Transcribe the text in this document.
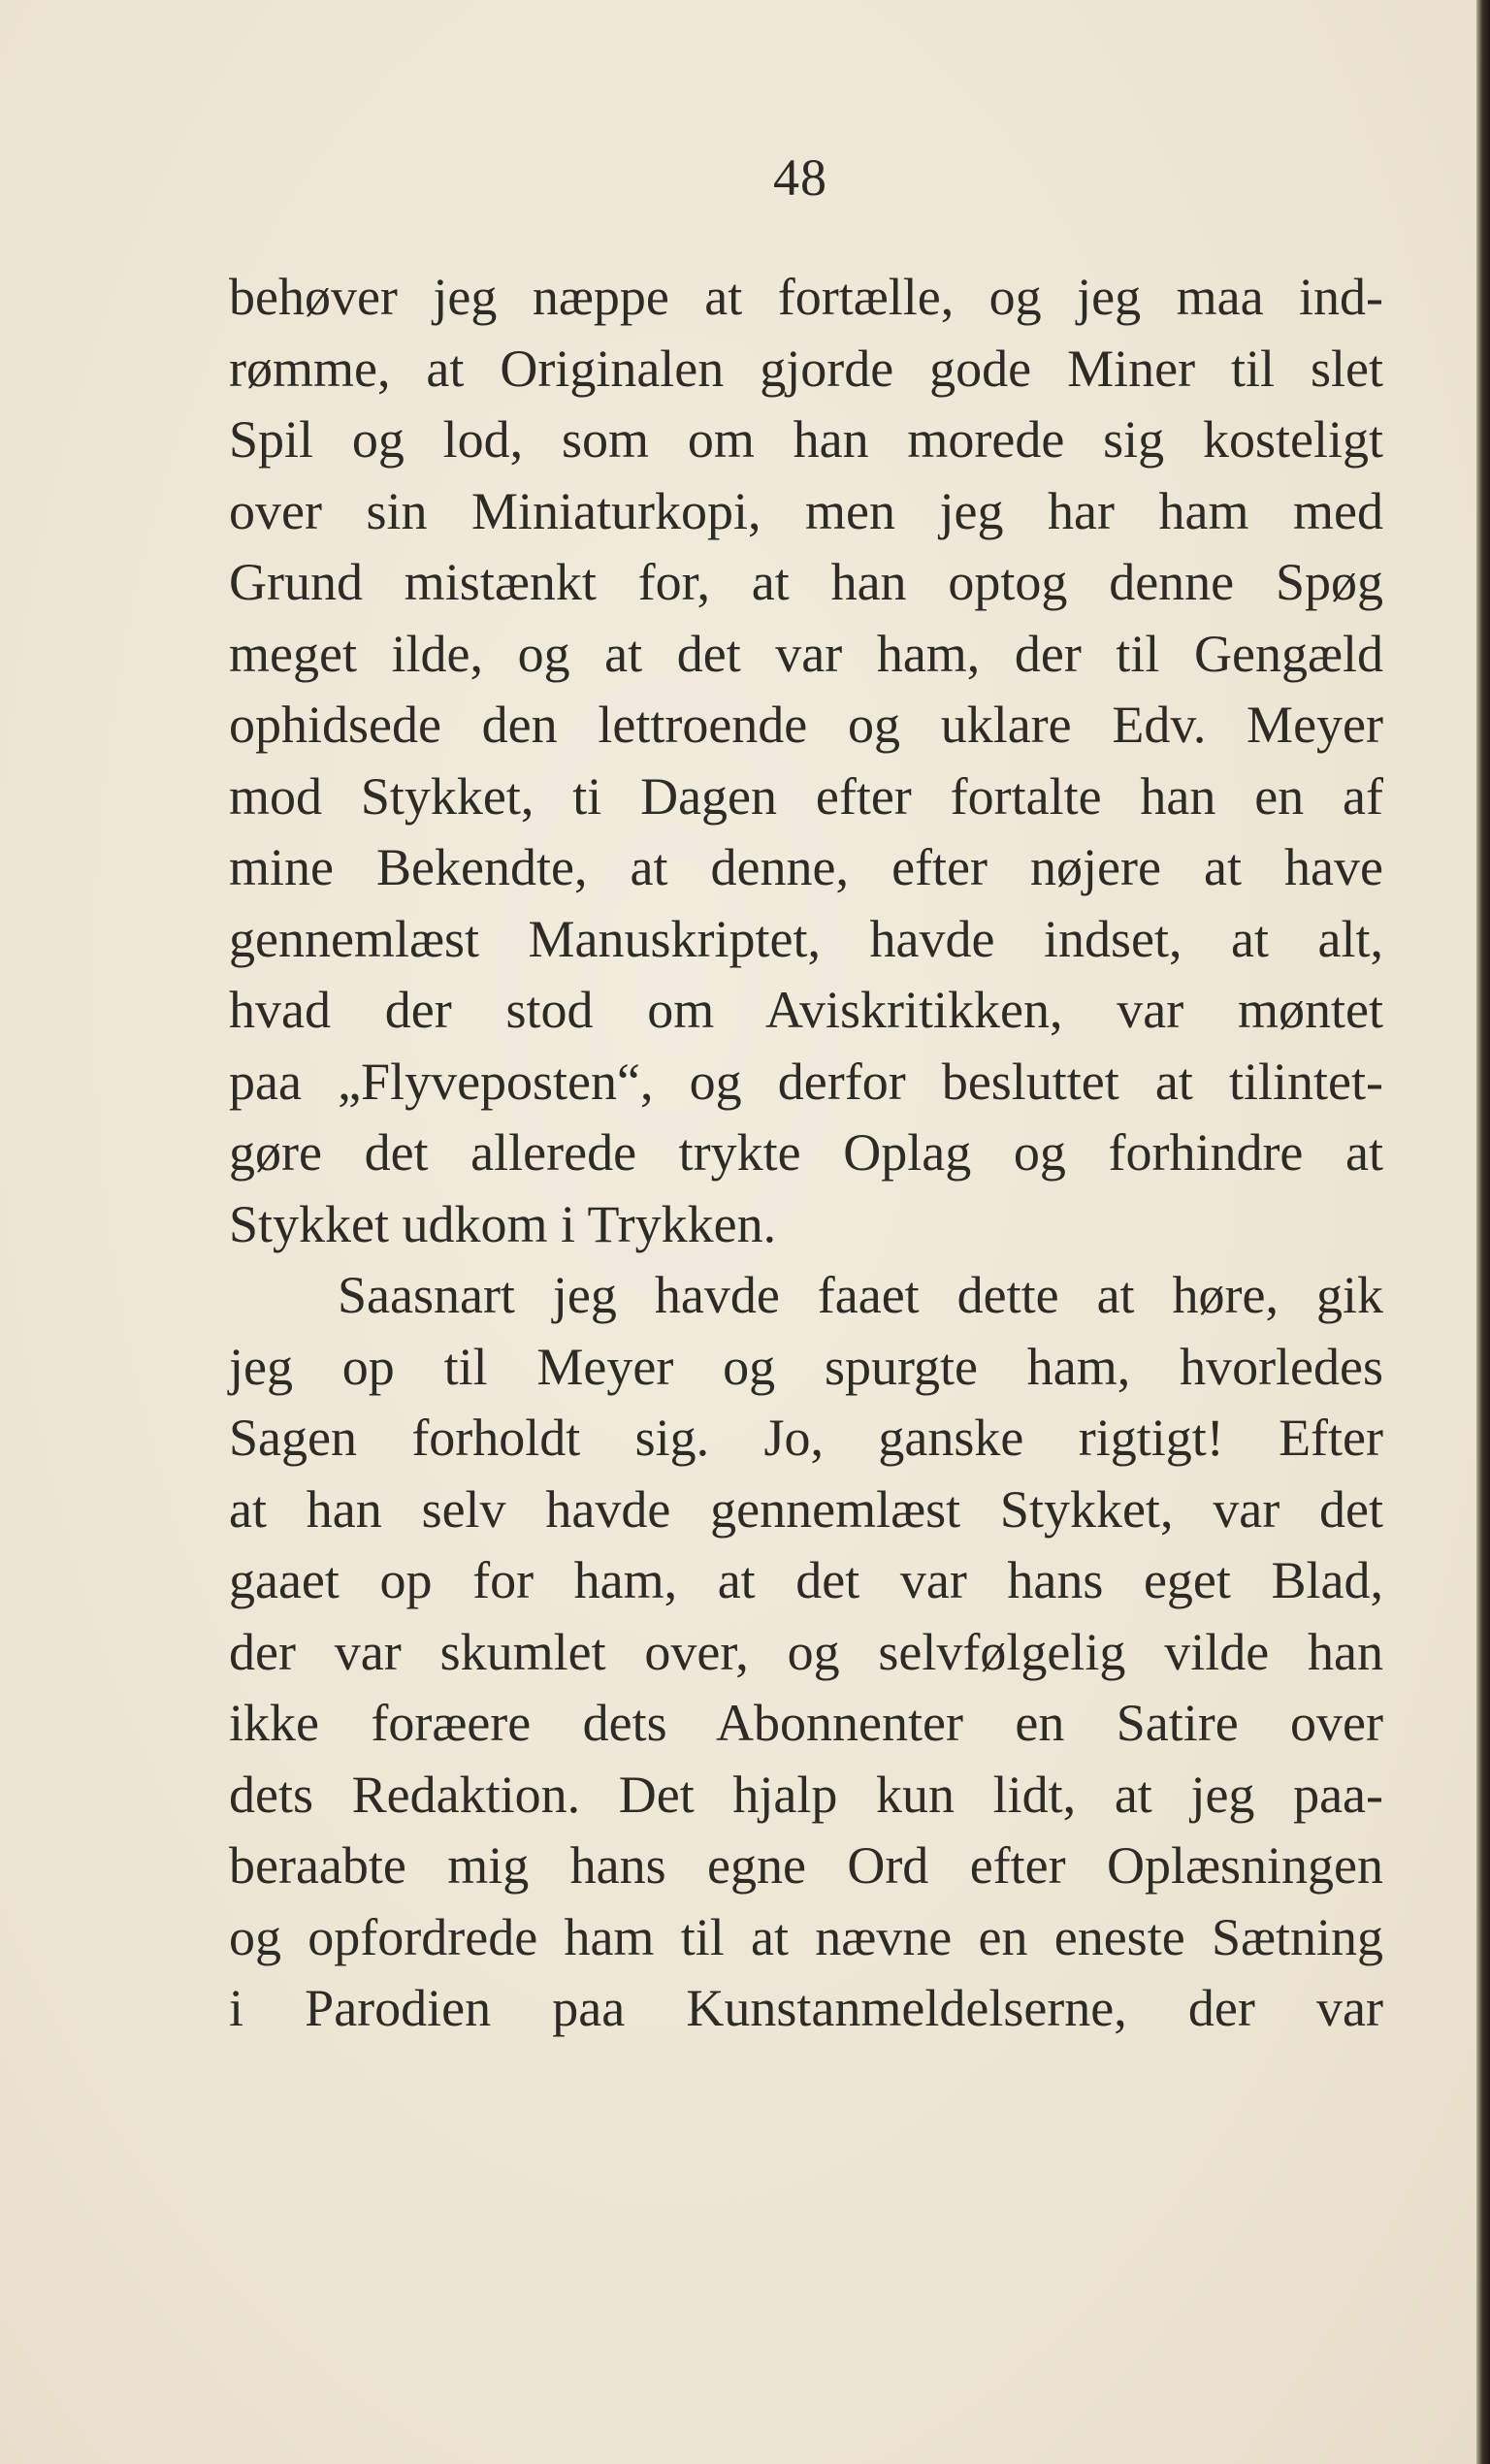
48
behøver jeg næppe at fortælle, og jeg maa ind-
rømme, at Originalen gjorde gode Miner til slet
Spil og lod, som om han morede sig kosteligt
over sin Miniaturkopi, men jeg har ham med
Grund mistænkt for, at han optog denne Spøg
meget ilde, og at det var ham, der til Gengæld
ophidsede den lettroende og uklare Edv. Meyer
mod Stykket, ti Dagen efter fortalte han en af
mine Bekendte, at denne, efter nøjere at have
gennemlæst Manuskriptet, havde indset, at alt,
hvad der stod om Aviskritikken, var møntet
paa „Flyveposten“, og derfor besluttet at tilintet-
gøre det allerede trykte Oplag og forhindre at
Stykket udkom i Trykken.
Saasnart jeg havde faaet dette at høre, gik
jeg op til Meyer og spurgte ham, hvorledes
Sagen forholdt sig. Jo, ganske rigtigt! Efter
at han selv havde gennemlæst Stykket, var det
gaaet op for ham, at det var hans eget Blad,
der var skumlet over, og selvfølgelig vilde han
ikke foræere dets Abonnenter en Satire over
dets Redaktion. Det hjalp kun lidt, at jeg paa-
beraabte mig hans egne Ord efter Oplæsningen
og opfordrede ham til at nævne en eneste Sætning
i Parodien paa Kunstanmeldelserne, der var
